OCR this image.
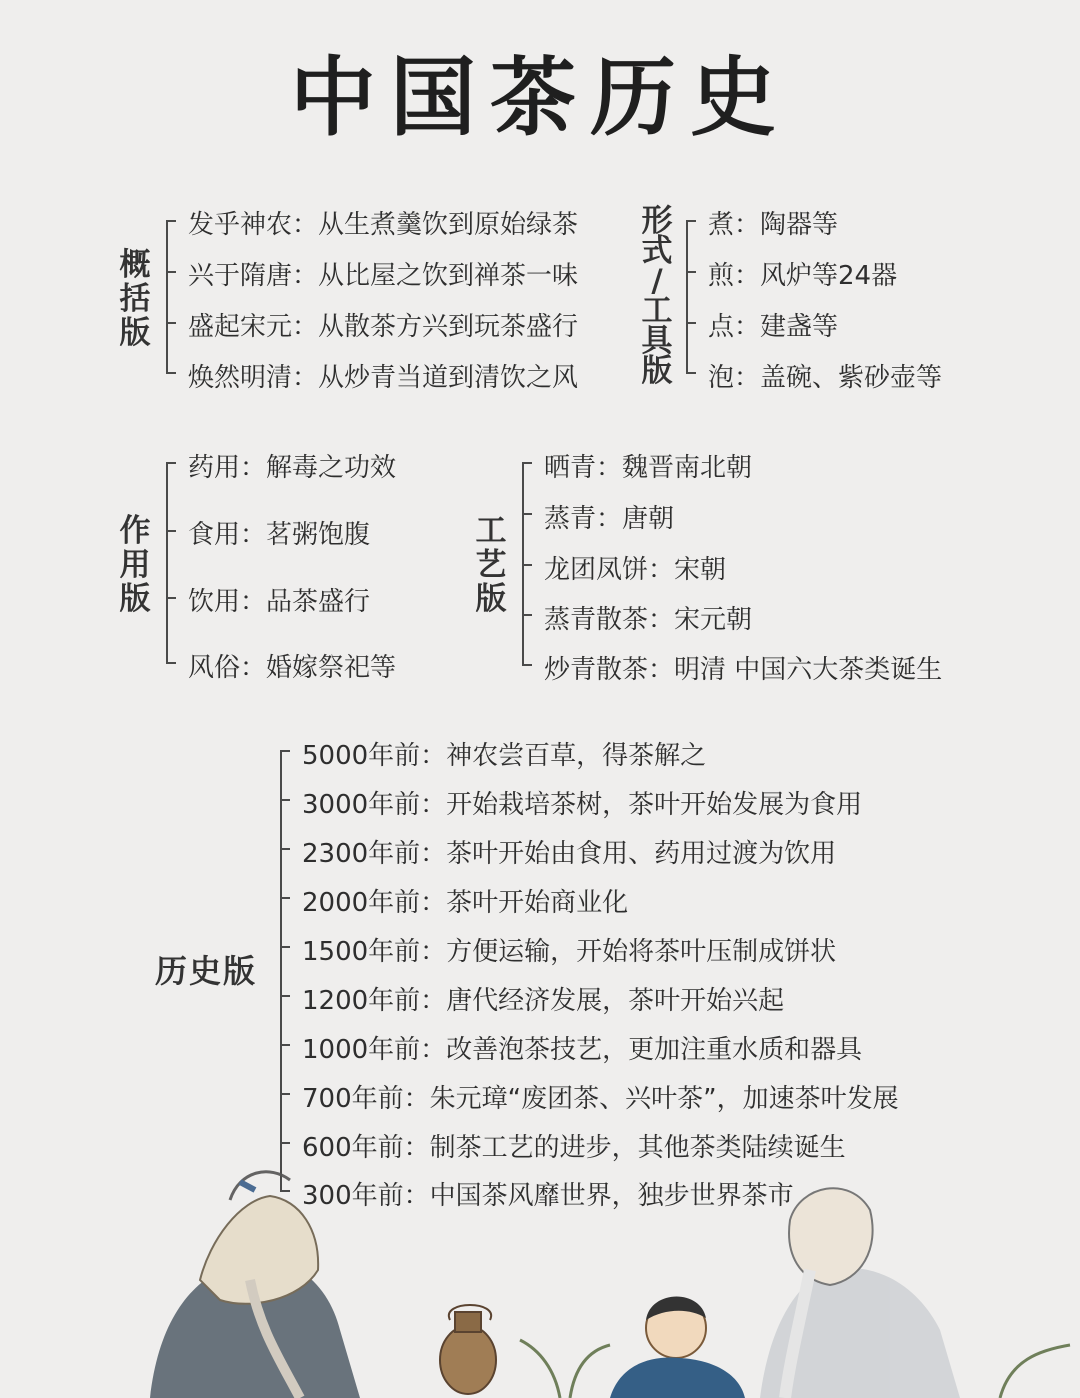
中国茶历史
概
括
版
发乎神农：从生煮羹饮到原始绿茶
兴于隋唐：从比屋之饮到禅茶一味
盛起宋元：从散茶方兴到玩茶盛行
焕然明清：从炒青当道到清饮之风
形
式
/
工
具
版
煮：陶器等
煎：风炉等24器
点：建盏等
泡：盖碗、紫砂壶等
作
用
版
药用：解毒之功效
食用：茗粥饱腹
饮用：品茶盛行
风俗：婚嫁祭祀等
工
艺
版
晒青：魏晋南北朝
蒸青：唐朝
龙团凤饼：宋朝
蒸青散茶：宋元朝
炒青散茶：明清 中国六大茶类诞生
历史版
5000年前：神农尝百草，得茶解之
3000年前：开始栽培茶树，茶叶开始发展为食用
2300年前：茶叶开始由食用、药用过渡为饮用
2000年前：茶叶开始商业化
1500年前：方便运输，开始将茶叶压制成饼状
1200年前：唐代经济发展，茶叶开始兴起
1000年前：改善泡茶技艺，更加注重水质和器具
700年前：朱元璋“废团茶、兴叶茶”，加速茶叶发展
600年前：制茶工艺的进步，其他茶类陆续诞生
300年前：中国茶风靡世界，独步世界茶市
